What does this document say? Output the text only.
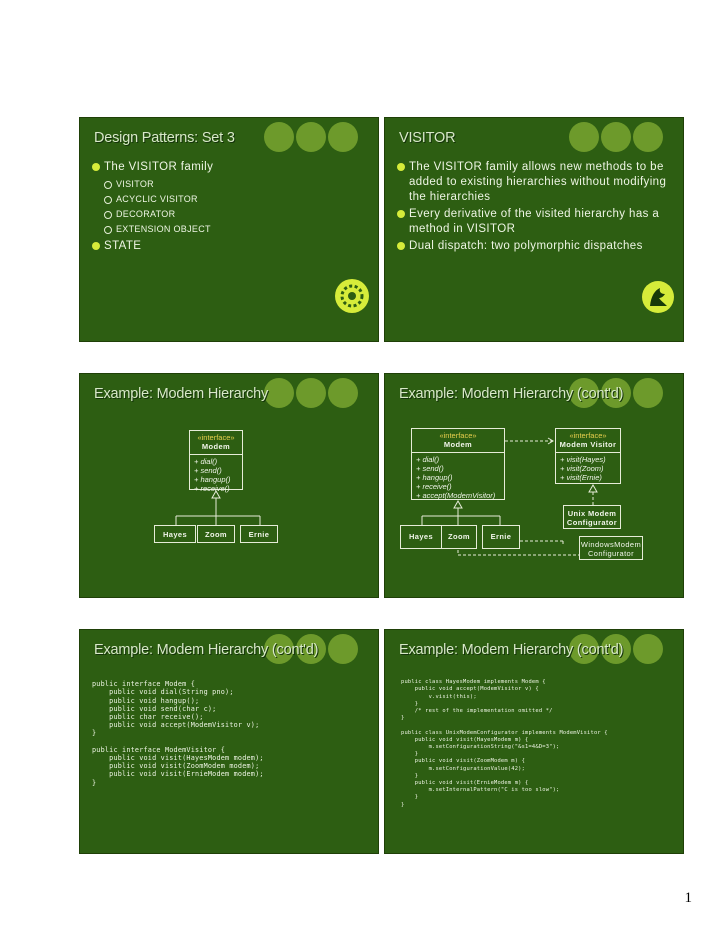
Design Patterns: Set 3
The VISITOR family
VISITOR
ACYCLIC VISITOR
DECORATOR
EXTENSION OBJECT
STATE
VISITOR
The VISITOR family allows new methods to be added to existing hierarchies without modifying the hierarchies
Every derivative of the visited hierarchy has a method in VISITOR
Dual dispatch: two polymorphic dispatches
Example: Modem Hierarchy
«interface»
Modem
+ dial()
+ send()
+ hangup()
+ receive()
Hayes	Zoom	Ernie
Example: Modem Hierarchy (cont'd)
«interface»
Modem
+ dial()
+ send()
+ hangup()
+ receive()
+ accept(ModemVisitor)
«interface»
Modem Visitor
+ visit(Hayes)
+ visit(Zoom)
+ visit(Ernie)
Unix Modem Configurator
Hayes	Zoom	Ernie
WindowsModem Configurator
Example: Modem Hierarchy (cont'd)

public interface Modem {
public void dial(String pno);
public void hangup();
public void send(char c);
public char receive();
public void accept(ModemVisitor v);
}

public interface ModemVisitor {
public void visit(HayesModem modem);
public void visit(ZoomModem modem);
public void visit(ErnieModem modem);
}

Example: Modem Hierarchy (cont'd)

public class HayesModem implements Modem {
public void accept(ModemVisitor v) {
v.visit(this);
}
/* rest of the implementation omitted */
}

public class UnixModemConfigurator implements ModemVisitor {
public void visit(HayesModem m) {
m.setConfigurationString("&s1=4&D=3");
}
public void visit(ZoomModem m) {
m.setConfigurationValue(42);
}
public void visit(ErnieModem m) {
m.setInternalPattern("C is too slow");
}
}

1
